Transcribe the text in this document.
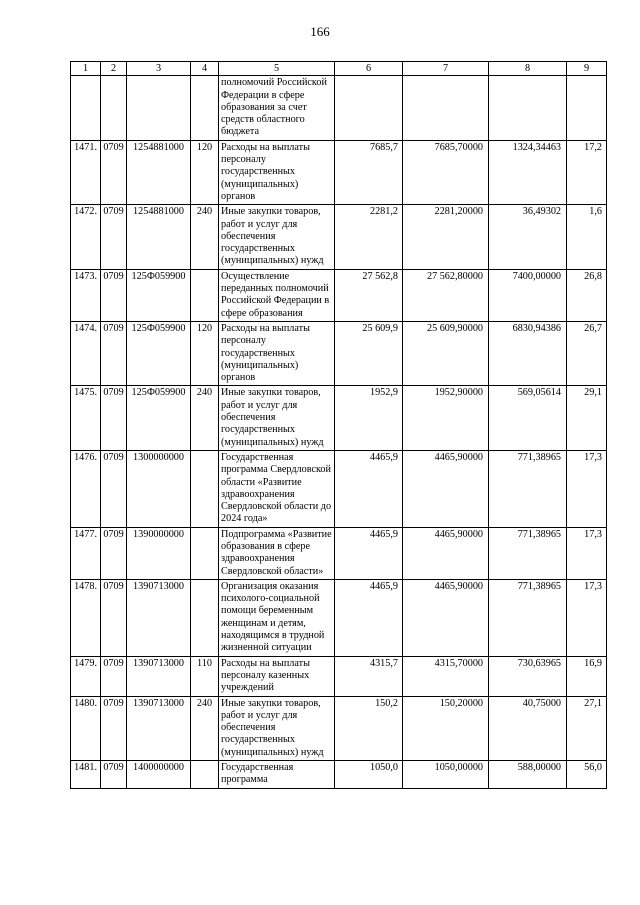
166
1	2	3	4	5	6	7	8	9
				полномочий Российской Федерации в сфере образования за счет средств областного бюджета				
1471.	0709	1254881000	120	Расходы на выплаты персоналу государственных (муниципальных) органов	7685,7	7685,70000	1324,34463	17,2
1472.	0709	1254881000	240	Иные закупки товаров, работ и услуг для обеспечения государственных (муниципальных) нужд	2281,2	2281,20000	36,49302	1,6
1473.	0709	125Ф059900		Осуществление переданных полномочий Российской Федерации в сфере образования	27 562,8	27 562,80000	7400,00000	26,8
1474.	0709	125Ф059900	120	Расходы на выплаты персоналу государственных (муниципальных) органов	25 609,9	25 609,90000	6830,94386	26,7
1475.	0709	125Ф059900	240	Иные закупки товаров, работ и услуг для обеспечения государственных (муниципальных) нужд	1952,9	1952,90000	569,05614	29,1
1476.	0709	1300000000		Государственная программа Свердловской области «Развитие здравоохранения Свердловской области до 2024 года»	4465,9	4465,90000	771,38965	17,3
1477.	0709	1390000000		Подпрограмма «Развитие образования в сфере здравоохранения Свердловской области»	4465,9	4465,90000	771,38965	17,3
1478.	0709	1390713000		Организация оказания психолого-социальной помощи беременным женщинам и детям, находящимся в трудной жизненной ситуации	4465,9	4465,90000	771,38965	17,3
1479.	0709	1390713000	110	Расходы на выплаты персоналу казенных учреждений	4315,7	4315,70000	730,63965	16,9
1480.	0709	1390713000	240	Иные закупки товаров, работ и услуг для обеспечения государственных (муниципальных) нужд	150,2	150,20000	40,75000	27,1
1481.	0709	1400000000		Государственная программа	1050,0	1050,00000	588,00000	56,0
